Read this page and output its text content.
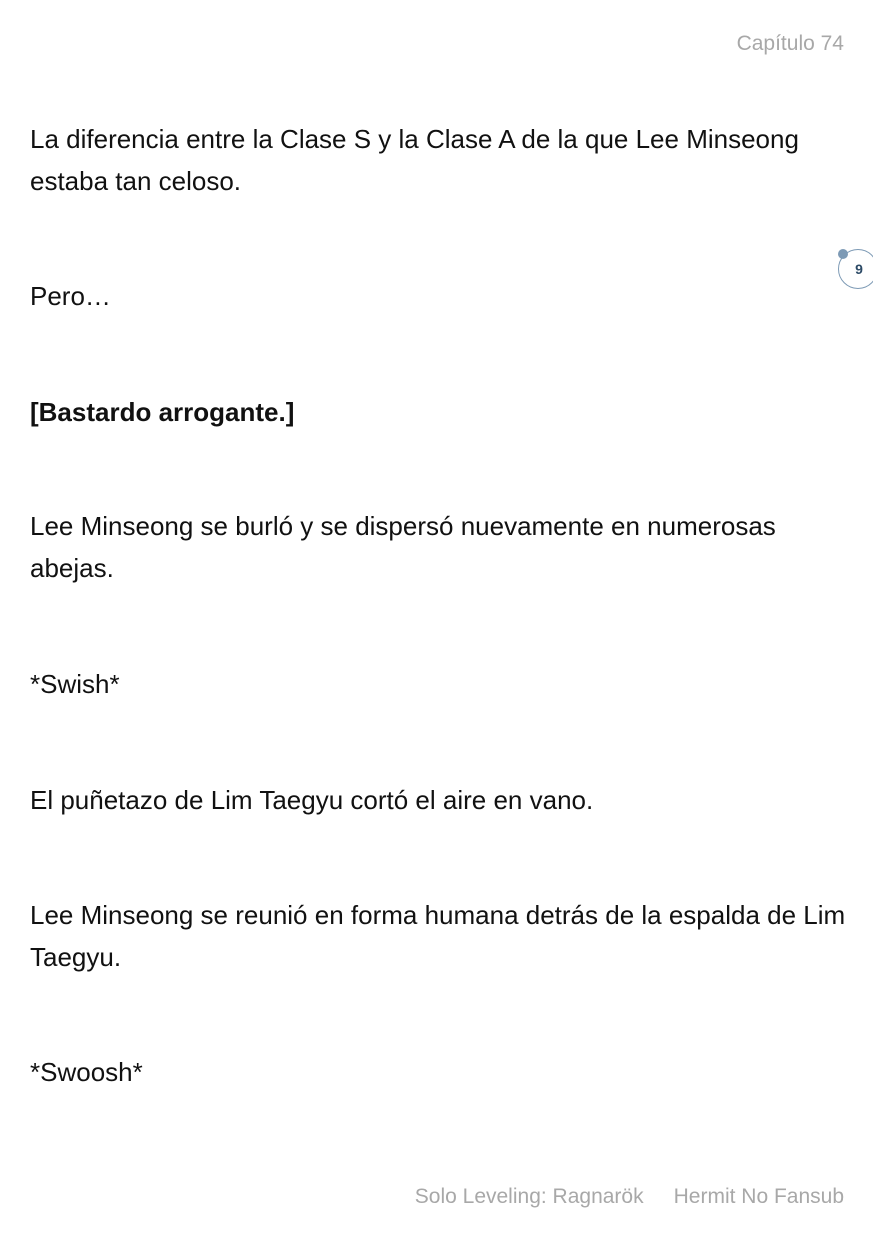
Capítulo 74

La diferencia entre la Clase S y la Clase A de la que Lee Minseong estaba tan celoso.

Pero…

[Bastardo arrogante.]

Lee Minseong se burló y se dispersó nuevamente en numerosas abejas.

*Swish*

El puñetazo de Lim Taegyu cortó el aire en vano.

Lee Minseong se reunió en forma humana detrás de la espalda de Lim Taegyu.

*Swoosh*

9
Solo Leveling: Ragnarök Hermit No Fansub
